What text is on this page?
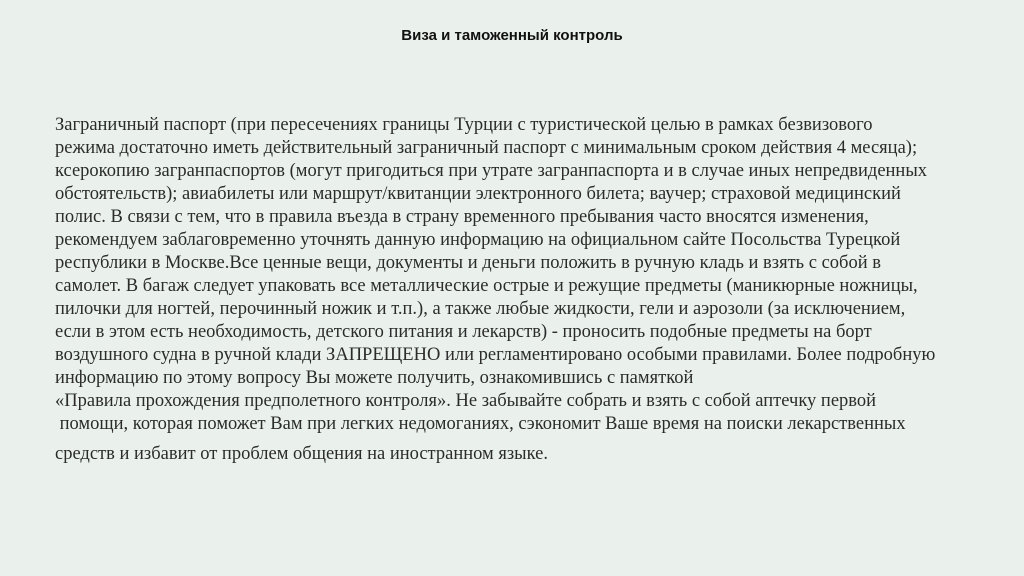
Виза и таможенный контроль
Заграничный паспорт (при пересечениях границы Турции с туристической целью в рамках безвизового
режима достаточно иметь действительный заграничный паспорт с минимальным сроком действия 4 месяца);
ксерокопию загранпаспортов (могут пригодиться при утрате загранпаспорта и в случае иных непредвиденных
обстоятельств); авиабилеты или маршрут/квитанции электронного билета; ваучер; страховой медицинский
полис. В связи с тем, что в правила въезда в страну временного пребывания часто вносятся изменения,
рекомендуем заблаговременно уточнять данную информацию на официальном сайте Посольства Турецкой
республики в Москве.Все ценные вещи, документы и деньги положить в ручную кладь и взять с собой в
самолет. В багаж следует упаковать все металлические острые и режущие предметы (маникюрные ножницы,
пилочки для ногтей, перочинный ножик и т.п.), а также любые жидкости, гели и аэрозоли (за исключением,
если в этом есть необходимость, детского питания и лекарств) - проносить подобные предметы на борт
воздушного судна в ручной клади ЗАПРЕЩЕНО или регламентировано особыми правилами. Более подробную
информацию по этому вопросу Вы можете получить, ознакомившись с памяткой
«Правила прохождения предполетного контроля». Не забывайте собрать и взять с собой аптечку первой
помощи, которая поможет Вам при легких недомоганиях, сэкономит Ваше время на поиски лекарственных
средств и избавит от проблем общения на иностранном языке.
